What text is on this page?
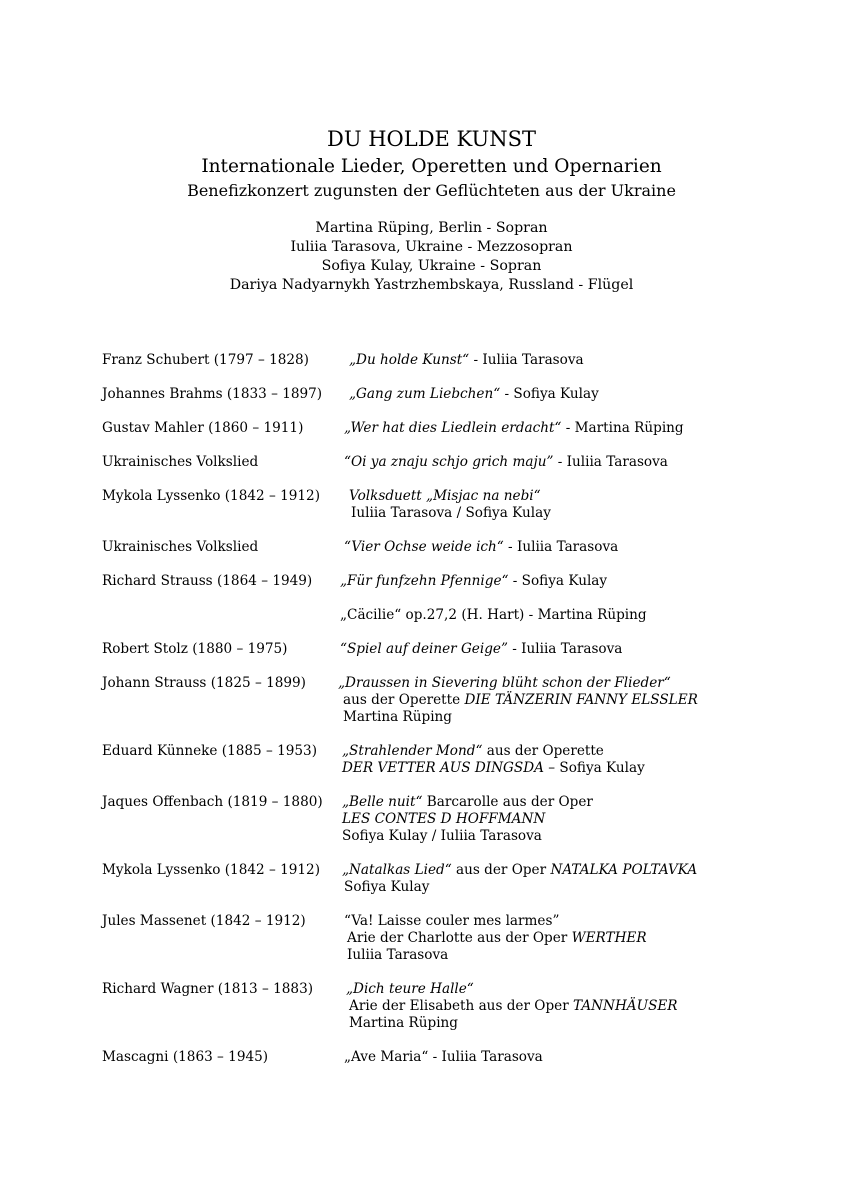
DU HOLDE KUNST
Internationale Lieder, Operetten und Opernarien
Benefizkonzert zugunsten der Geflüchteten aus der Ukraine
Martina Rüping, Berlin - Sopran
Iuliia Tarasova, Ukraine - Mezzosopran
Sofiya Kulay, Ukraine - Sopran
Dariya Nadyarnykh Yastrzhembskaya, Russland - Flügel
Franz Schubert (1797 – 1828)	„Du holde Kunst“ - Iuliia Tarasova
Johannes Brahms (1833 – 1897) „Gang zum Liebchen“ - Sofiya Kulay
Gustav Mahler (1860 – 1911)	„Wer hat dies Liedlein erdacht“ - Martina Rüping
Ukrainisches Volkslied	“Oi ya znaju schjo grich maju” - Iuliia Tarasova
Mykola Lyssenko (1842 – 1912) Volksduett „Misjac na nebi“
Iuliia Tarasova / Sofiya Kulay
Ukrainisches Volkslied	“Vier Ochse weide ich“ - Iuliia Tarasova
Richard Strauss (1864 – 1949) „Für funfzehn Pfennige“ - Sofiya Kulay
„Cäcilie“ op.27,2 (H. Hart) - Martina Rüping
Robert Stolz (1880 – 1975)	“Spiel auf deiner Geige” - Iuliia Tarasova
Johann Strauss (1825 – 1899) „Draussen in Sievering blüht schon der Flieder“
aus der Operette DIE TÄNZERIN FANNY ELSSLER
Martina Rüping
Eduard Künneke (1885 – 1953) „Strahlender Mond“ aus der Operette
DER VETTER AUS DINGSDA – Sofiya Kulay
Jaques Offenbach (1819 – 1880) „Belle nuit“ Barcarolle aus der Oper
LES CONTES D HOFFMANN
Sofiya Kulay / Iuliia Tarasova
Mykola Lyssenko (1842 – 1912) „Natalkas Lied“ aus der Oper NATALKA POLTAVKA
Sofiya Kulay
Jules Massenet (1842 – 1912)	“Va! Laisse couler mes larmes”
Arie der Charlotte aus der Oper WERTHER
Iuliia Tarasova
Richard Wagner (1813 – 1883) „Dich teure Halle“
Arie der Elisabeth aus der Oper TANNHÄUSER
Martina Rüping
Mascagni (1863 – 1945)	„Ave Maria“ - Iuliia Tarasova
